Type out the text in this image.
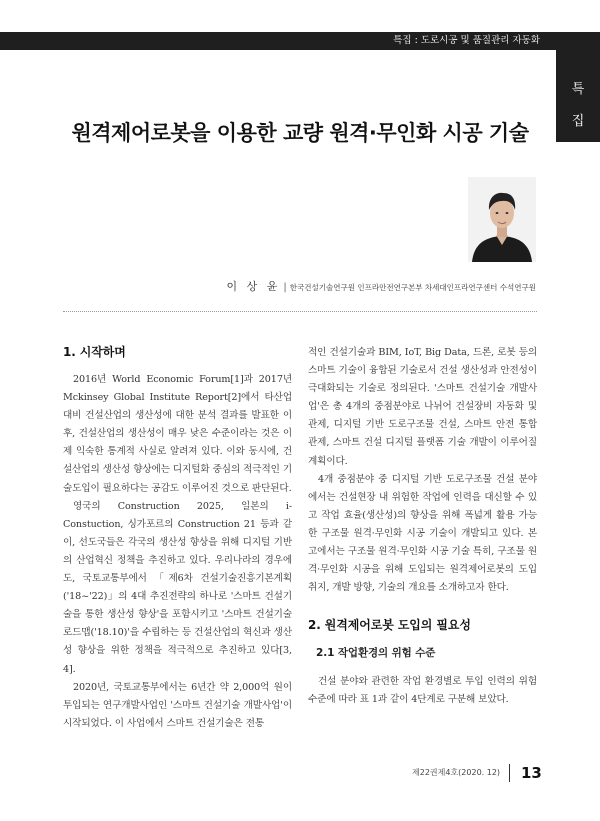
특집 : 도로시공 및 품질관리 자동화
특
집
원격제어로봇을 이용한 교량 원격·무인화 시공 기술
이 상 윤 | 한국건설기술연구원 인프라안전연구본부 차세대인프라연구센터 수석연구원

1. 시작하며

2016년 World Economic Forum[1]과 2017년 Mckinsey Global Institute Report[2]에서 타산업 대비 건설산업의 생산성에 대한 분석 결과를 발표한 이후, 건설산업의 생산성이 매우 낮은 수준이라는 것은 이제 익숙한 통계적 사실로 알려져 있다. 이와 동시에, 건설산업의 생산성 향상에는 디지털화 중심의 적극적인 기술도입이 필요하다는 공감도 이루어진 것으로 판단된다.

영국의 Construction 2025, 일본의 i-Constuction, 싱가포르의 Construction 21 등과 같이, 선도국들은 각국의 생산성 향상을 위해 디지털 기반의 산업혁신 정책을 추진하고 있다. 우리나라의 경우에도, 국토교통부에서 「제6차 건설기술진흥기본계획('18~'22)」의 4대 추진전략의 하나로 '스마트 건설기술을 통한 생산성 향상'을 포함시키고 '스마트 건설기술 로드맵('18.10)'을 수립하는 등 건설산업의 혁신과 생산성 향상을 위한 정책을 적극적으로 추진하고 있다[3, 4].

2020년, 국토교통부에서는 6년간 약 2,000억 원이 투입되는 연구개발사업인 '스마트 건설기술 개발사업'이 시작되었다. 이 사업에서 스마트 건설기술은 전통

적인 건설기술과 BIM, IoT, Big Data, 드론, 로봇 등의 스마트 기술이 융합된 기술로서 건설 생산성과 안전성이 극대화되는 기술로 정의된다. '스마트 건설기술 개발사업'은 총 4개의 중점분야로 나뉘어 건설장비 자동화 및 관제, 디지털 기반 도로구조물 건설, 스마트 안전 통합 관제, 스마트 건설 디지털 플랫폼 기술 개발이 이루어질 계획이다.

4개 중점분야 중 디지털 기반 도로구조물 건설 분야에서는 건설현장 내 위험한 작업에 인력을 대신할 수 있고 작업 효율(생산성)의 향상을 위해 폭넓게 활용 가능한 구조물 원격·무인화 시공 기술이 개발되고 있다. 본 고에서는 구조물 원격·무인화 시공 기술 특히, 구조물 원격·무인화 시공을 위해 도입되는 원격제어로봇의 도입 취지, 개발 방향, 기술의 개요를 소개하고자 한다.

2. 원격제어로봇 도입의 필요성

2.1 작업환경의 위험 수준

건설 분야와 관련한 작업 환경별로 투입 인력의 위험 수준에 따라 표 1과 같이 4단계로 구분해 보았다.

제22권제4호(2020. 12) 13
